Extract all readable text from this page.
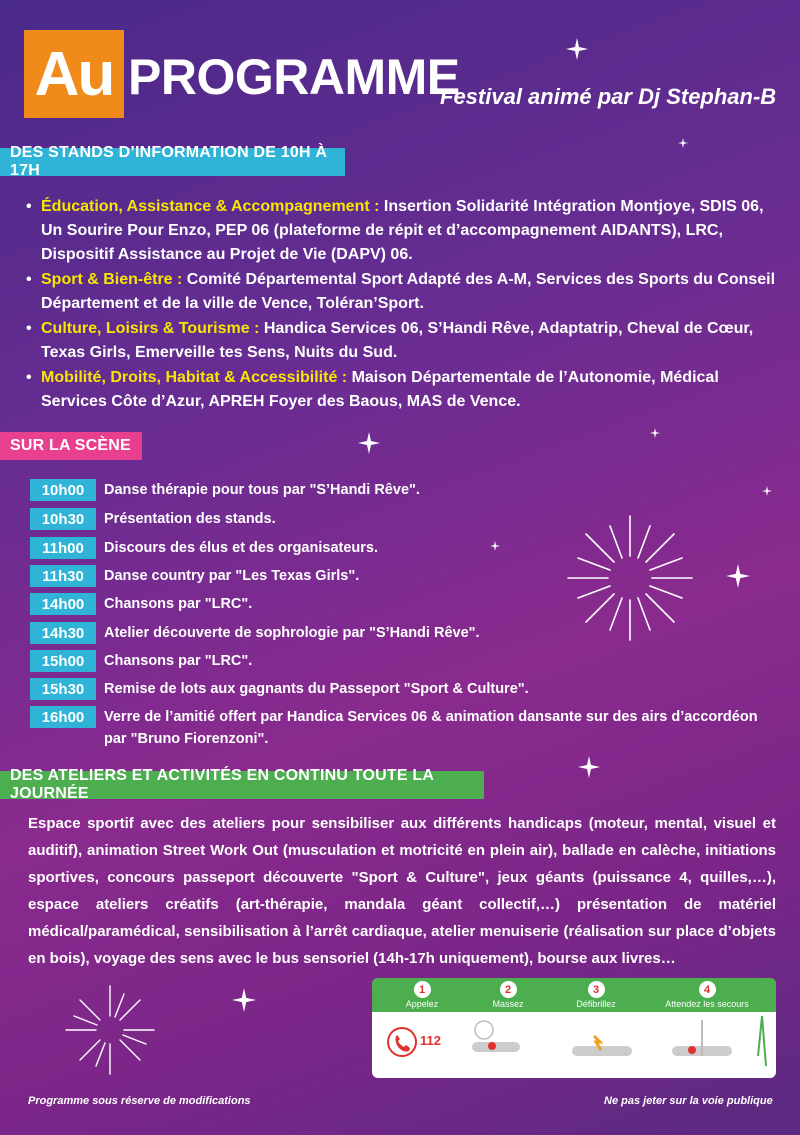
Au PROGRAMME
Festival animé par Dj Stephan-B
DES STANDS D’INFORMATION DE 10H À 17H
• Éducation, Assistance & Accompagnement : Insertion Solidarité Intégration Montjoye, SDIS 06, Un Sourire Pour Enzo, PEP 06 (plateforme de répit et d’accompagnement AIDANTS), LRC, Dispositif Assistance au Projet de Vie (DAPV) 06.
• Sport & Bien-être : Comité Départemental Sport Adapté des A-M, Services des Sports du Conseil Département et de la ville de Vence, Toléran’Sport.
• Culture, Loisirs & Tourisme : Handica Services 06, S’Handi Rêve, Adaptatrip, Cheval de Cœur, Texas Girls, Emerveille tes Sens, Nuits du Sud.
• Mobilité, Droits, Habitat & Accessibilité : Maison Départementale de l’Autonomie, Médical Services Côte d’Azur, APREH Foyer des Baous, MAS de Vence.
SUR LA SCÈNE
10h00	Danse thérapie pour tous par "S’Handi Rêve".
10h30	Présentation des stands.
11h00	Discours des élus et des organisateurs.
11h30	Danse country par "Les Texas Girls".
14h00	Chansons par "LRC".
14h30	Atelier découverte de sophrologie par "S’Handi Rêve".
15h00	Chansons par "LRC".
15h30	Remise de lots aux gagnants du Passeport "Sport & Culture".
16h00	Verre de l’amitié offert par Handica Services 06 & animation dansante sur des airs d’accordéon par "Bruno Fiorenzoni".
DES ATELIERS ET ACTIVITÉS EN CONTINU TOUTE LA JOURNÉE
Espace sportif avec des ateliers pour sensibiliser aux différents handicaps (moteur, mental, visuel et auditif), animation Street Work Out (musculation et motricité en plein air), ballade en calèche, initiations sportives, concours passeport découverte "Sport & Culture", jeux géants (puissance 4, quilles,…), espace ateliers créatifs (art-thérapie, mandala géant collectif,…) présentation de matériel médical/paramédical, sensibilisation à l’arrêt cardiaque, atelier menuiserie (réalisation sur place d’objets en bois), voyage des sens avec le bus sensoriel (14h-17h uniquement), bourse aux livres…
1
Appelez
2
Massez
3
Défibrillez
4
Attendez les secours
112
Programme sous réserve de modifications	Ne pas jeter sur la voie publique
